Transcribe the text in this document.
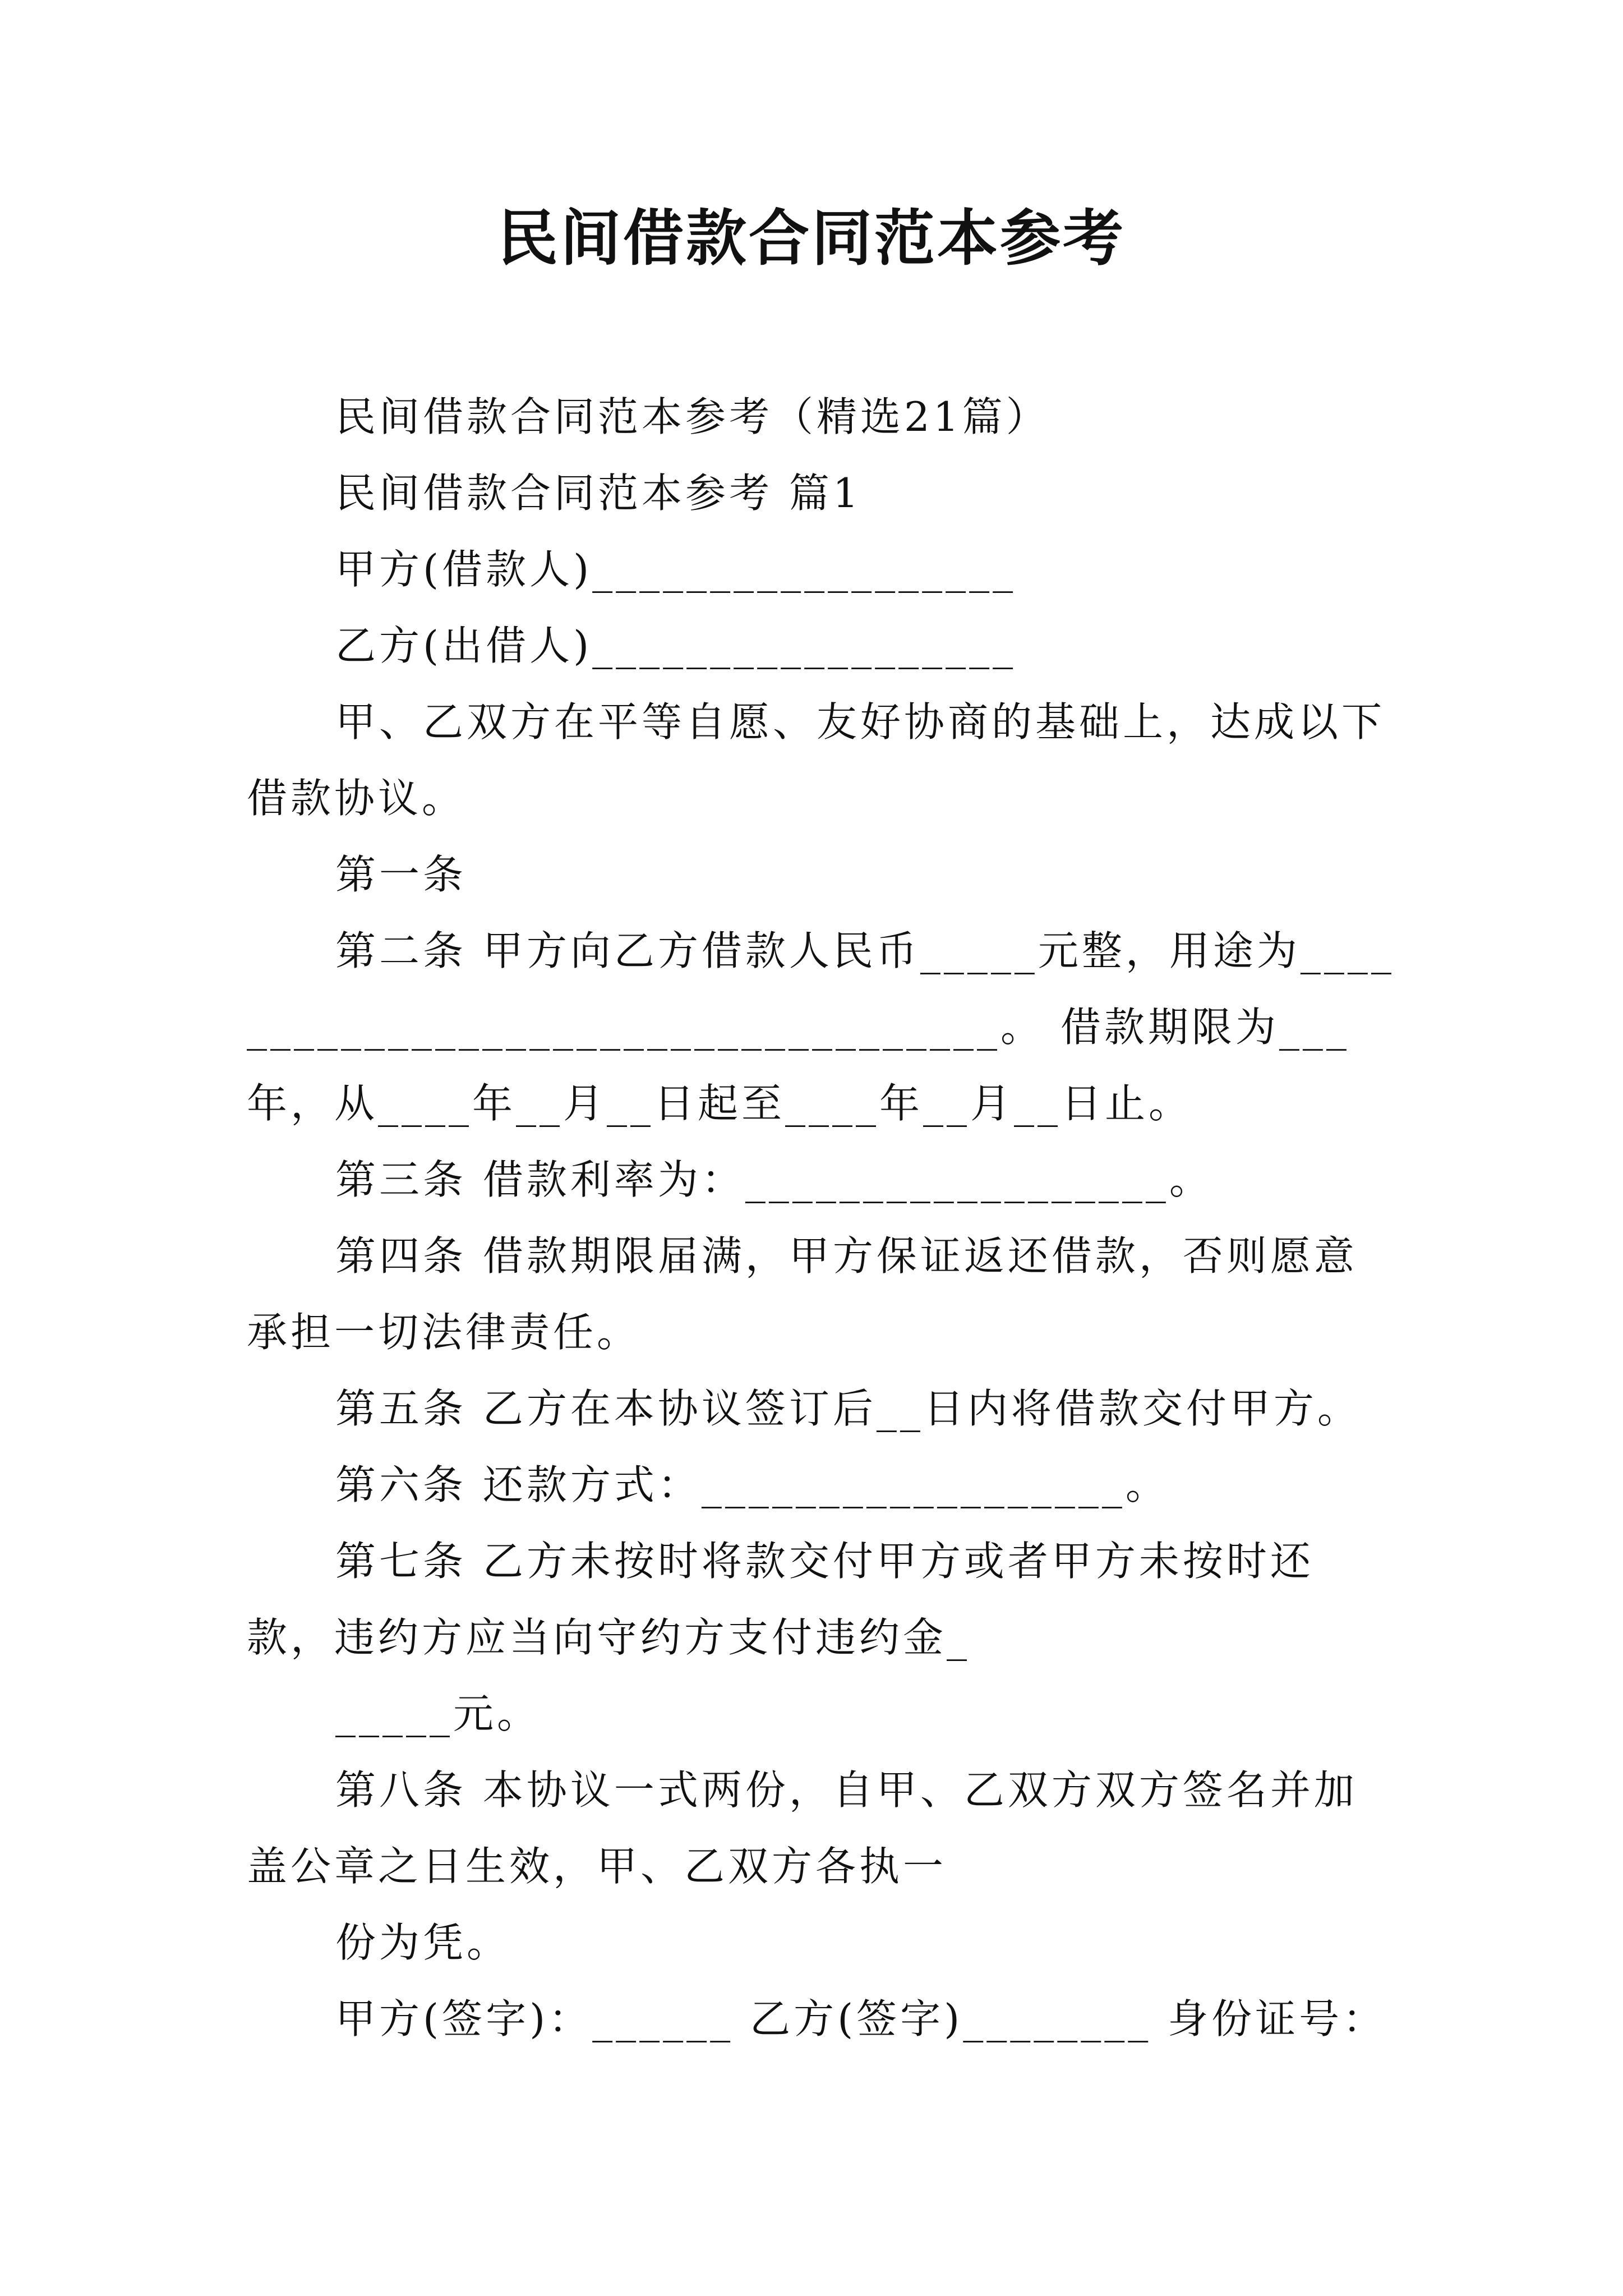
民间借款合同范本参考

民间借款合同范本参考（精选21篇）

民间借款合同范本参考 篇1

甲方(借款人)__________________

乙方(出借人)__________________

甲、乙双方在平等自愿、友好协商的基础上，达成以下借款协议。

第一条

第二条 甲方向乙方借款人民币_____元整，用途为____________________________________。 借款期限为___年，从____年__月__日起至____年__月__日止。

第三条 借款利率为：__________________。

第四条 借款期限届满，甲方保证返还借款，否则愿意承担一切法律责任。

第五条 乙方在本协议签订后__日内将借款交付甲方。

第六条 还款方式：__________________。

第七条 乙方未按时将款交付甲方或者甲方未按时还款，违约方应当向守约方支付违约金_

_____元。

第八条 本协议一式两份，自甲、乙双方双方签名并加盖公章之日生效，甲、乙双方各执一

份为凭。

甲方(签字)：______ 乙方(签字)________ 身份证号：
